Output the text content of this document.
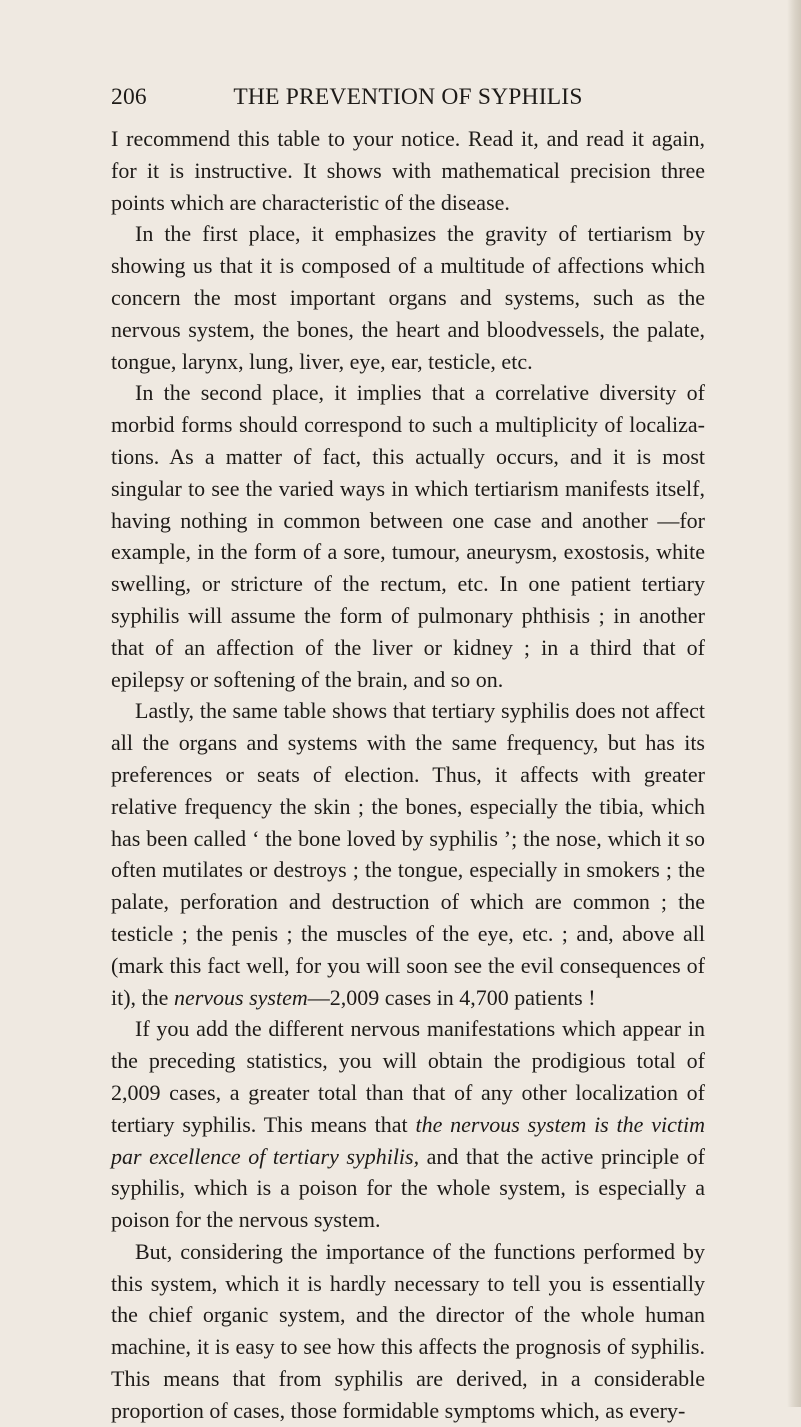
206	THE PREVENTION OF SYPHILIS

I recommend this table to your notice. Read it, and read it again, for it is instructive. It shows with mathematical precision three points which are characteristic of the disease.

In the first place, it emphasizes the gravity of tertiarism by showing us that it is composed of a multitude of affections which concern the most important organs and systems, such as the nervous system, the bones, the heart and bloodvessels, the palate, tongue, larynx, lung, liver, eye, ear, testicle, etc.

In the second place, it implies that a correlative diversity of morbid forms should correspond to such a multiplicity of localizations. As a matter of fact, this actually occurs, and it is most singular to see the varied ways in which tertiarism manifests itself, having nothing in common between one case and another —for example, in the form of a sore, tumour, aneurysm, exostosis, white swelling, or stricture of the rectum, etc. In one patient tertiary syphilis will assume the form of pulmonary phthisis ; in another that of an affection of the liver or kidney ; in a third that of epilepsy or softening of the brain, and so on.

Lastly, the same table shows that tertiary syphilis does not affect all the organs and systems with the same frequency, but has its preferences or seats of election. Thus, it affects with greater relative frequency the skin ; the bones, especially the tibia, which has been called ‘ the bone loved by syphilis ’; the nose, which it so often mutilates or destroys ; the tongue, especially in smokers ; the palate, perforation and destruction of which are common ; the testicle ; the penis ; the muscles of the eye, etc. ; and, above all (mark this fact well, for you will soon see the evil consequences of it), the nervous system—2,009 cases in 4,700 patients !

If you add the different nervous manifestations which appear in the preceding statistics, you will obtain the prodigious total of 2,009 cases, a greater total than that of any other localization of tertiary syphilis. This means that the nervous system is the victim par excellence of tertiary syphilis, and that the active principle of syphilis, which is a poison for the whole system, is especially a poison for the nervous system.

But, considering the importance of the functions performed by this system, which it is hardly necessary to tell you is essentially the chief organic system, and the director of the whole human machine, it is easy to see how this affects the prognosis of syphilis. This means that from syphilis are derived, in a considerable proportion of cases, those formidable symptoms which, as every-
